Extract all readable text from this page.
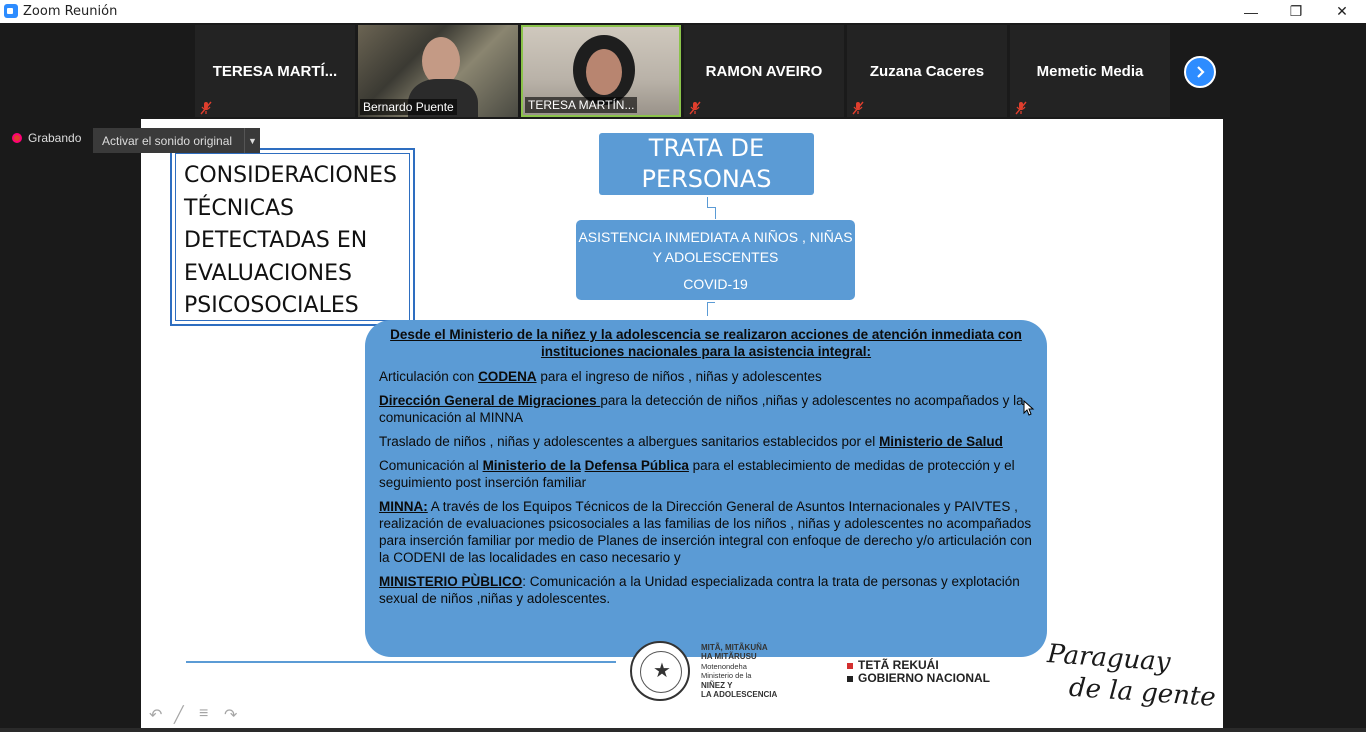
Zoom Reunión	—	❐	✕
TERESA MARTÍ...
Bernardo Puente	TERESA MARTÍN...
RAMON AVEIRO	Zuzana Caceres	Memetic Media
Grabando
CONSIDERACIONES TÉCNICAS DETECTADAS EN EVALUACIONES PSICOSOCIALES
TRATA DE PERSONAS
ASISTENCIA INMEDIATA A NIÑOS , NIÑAS Y ADOLESCENTES
COVID-19

Desde el Ministerio de la niñez y la adolescencia se realizaron acciones de atención inmediata con instituciones nacionales para la asistencia integral:

Articulación con CODENA para el ingreso de niños , niñas y adolescentes

Dirección General de Migraciones para la detección de niños ,niñas y adolescentes no acompañados y la comunicación al MINNA

Traslado de niños , niñas y adolescentes a albergues sanitarios establecidos por el Ministerio de Salud

Comunicación al Ministerio de la Defensa Pública para el establecimiento de medidas de protección y el seguimiento post inserción familiar

MINNA: A través de los Equipos Técnicos de la Dirección General de Asuntos Internacionales y PAIVTES , realización de evaluaciones psicosociales a las familias de los niños , niñas y adolescentes no acompañados para inserción familiar por medio de Planes de inserción integral con enfoque de derecho y/o articulación con la CODENI de las localidades en caso necesario y

MINISTERIO PÙBLICO: Comunicación a la Unidad especializada contra la trata de personas y explotación sexual de niños ,niñas y adolescentes.

★
MITÃ, MITÃKUÑA
HA MITÃRUSU
Motenondeha
Ministerio de la
NIÑEZ Y
LA ADOLESCENCIA
TETÃ REKUÁI
GOBIERNO NACIONAL
Paraguay
de la gente
↶ ╱ ≡ ↷
Activar el sonido original	▼
